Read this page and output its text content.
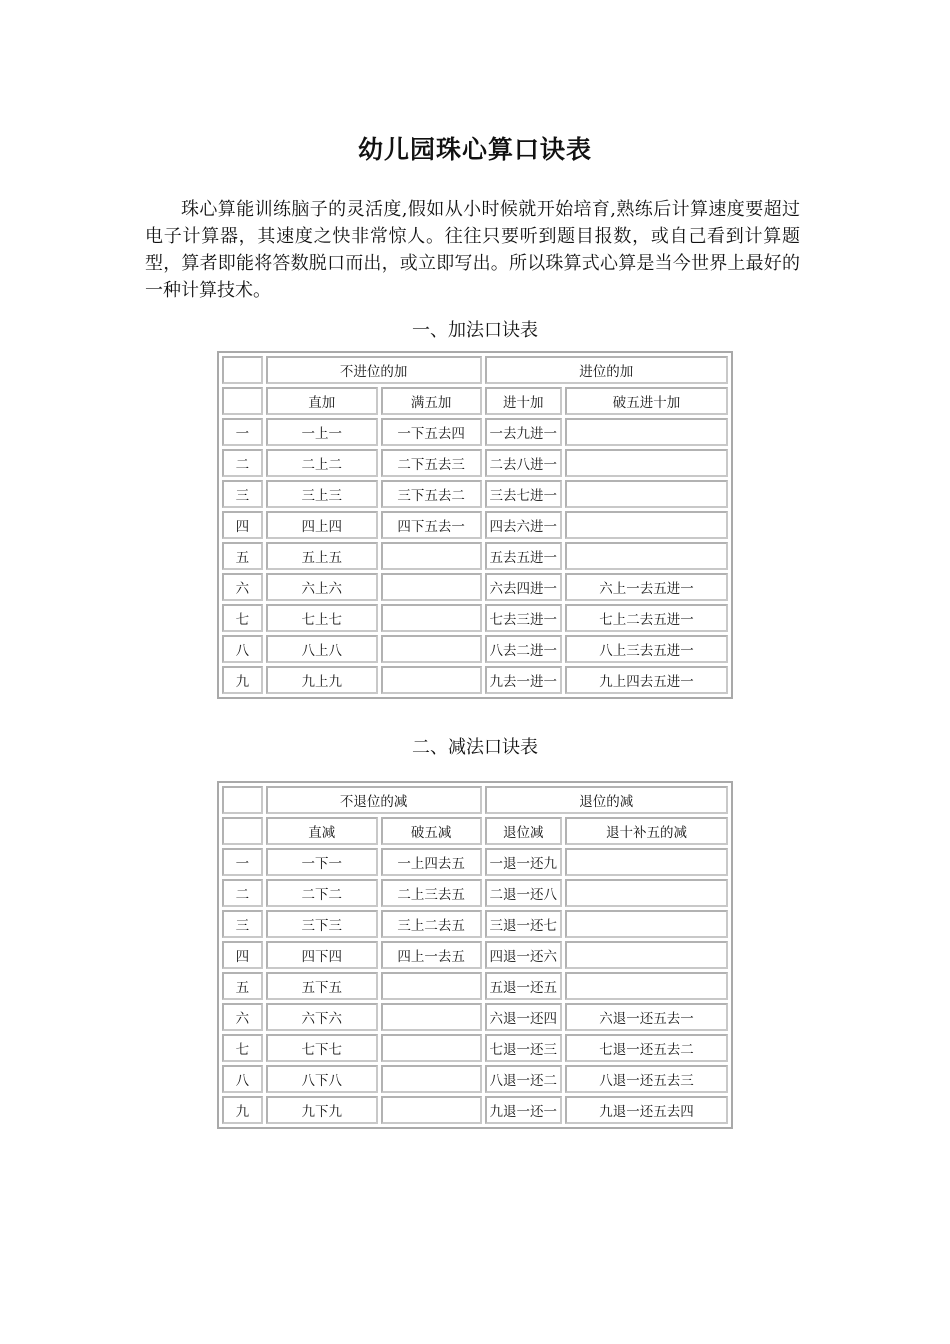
幼儿园珠心算口诀表

珠心算能训练脑子的灵活度,假如从小时候就开始培育,熟练后计算速度要超过电子计算器，其速度之快非常惊人。往往只要听到题目报数，或自己看到计算题型，算者即能将答数脱口而出，或立即写出。所以珠算式心算是当今世界上最好的一种计算技术。

一、加法口诀表
	不进位的加		进位的加	
	直加	满五加	进十加	破五进十加
一	一上一	一下五去四	一去九进一	
二	二上二	二下五去三	二去八进一	
三	三上三	三下五去二	三去七进一	
四	四上四	四下五去一	四去六进一	
五	五上五		五去五进一	
六	六上六		六去四进一	六上一去五进一
七	七上七		七去三进一	七上二去五进一
八	八上八		八去二进一	八上三去五进一
九	九上九		九去一进一	九上四去五进一
二、减法口诀表
	不退位的减		退位的减	
	直减	破五减	退位减	退十补五的减
一	一下一	一上四去五	一退一还九	
二	二下二	二上三去五	二退一还八	
三	三下三	三上二去五	三退一还七	
四	四下四	四上一去五	四退一还六	
五	五下五		五退一还五	
六	六下六		六退一还四	六退一还五去一
七	七下七		七退一还三	七退一还五去二
八	八下八		八退一还二	八退一还五去三
九	九下九		九退一还一	九退一还五去四
